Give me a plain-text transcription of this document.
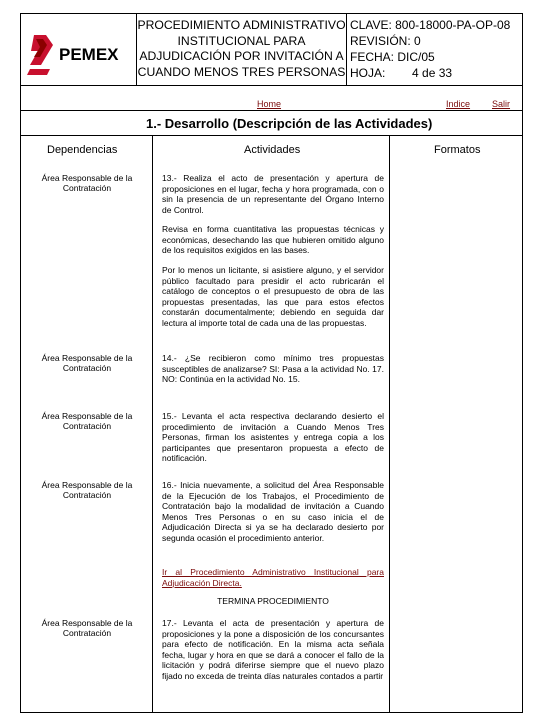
PEMEX
PROCEDIMIENTO ADMINISTRATIVO
INSTITUCIONAL PARA
ADJUDICACIÓN POR INVITACIÓN A
CUANDO MENOS TRES PERSONAS
CLAVE: 800-18000-PA-OP-08
REVISIÓN: 0
FECHA: DIC/05
HOJA:        4 de 33
Home	Indice Salir
1.- Desarrollo (Descripción de las Actividades)
Dependencias	Actividades	Formatos
Área Responsable de la Contratación
13.- Realiza el acto de presentación y apertura de proposiciones en el lugar, fecha y hora programada, con o sin la presencia de un representante del Órgano Interno de Control.
Revisa en forma cuantitativa las propuestas técnicas y económicas, desechando las que hubieren omitido alguno de los requisitos exigidos en las bases.
Por lo menos un licitante, si asistiere alguno, y el servidor público facultado para presidir el acto rubricarán el catálogo de conceptos o el presupuesto de obra de las propuestas presentadas, las que para estos efectos constarán documentalmente; debiendo en seguida dar lectura al importe total de cada una de las propuestas.
Área Responsable de la Contratación
14.- ¿Se recibieron como mínimo tres propuestas susceptibles de analizarse? SI: Pasa a la actividad No. 17. NO: Continúa en la actividad No. 15.
Área Responsable de la Contratación
15.- Levanta el acta respectiva declarando desierto el procedimiento de invitación a Cuando Menos Tres Personas, firman los asistentes y entrega copia a los participantes que presentaron propuesta a efecto de notificación.
Área Responsable de la Contratación
16.- Inicia nuevamente, a solicitud del Área Responsable de la Ejecución de los Trabajos, el Procedimiento de Contratación bajo la modalidad de invitación a Cuando Menos Tres Personas o en su caso inicia el de Adjudicación Directa si ya se ha declarado desierto por segunda ocasión el procedimiento anterior.
Ir al Procedimiento Administrativo Institucional para Adjudicación Directa.
TERMINA PROCEDIMIENTO
Área Responsable de la Contratación
17.- Levanta el acta de presentación y apertura de proposiciones y la pone a disposición de los concursantes para efecto de notificación. En la misma acta señala fecha, lugar y hora en que se dará a conocer el fallo de la licitación y podrá diferirse siempre que el nuevo plazo fijado no exceda de treinta días naturales contados a partir
